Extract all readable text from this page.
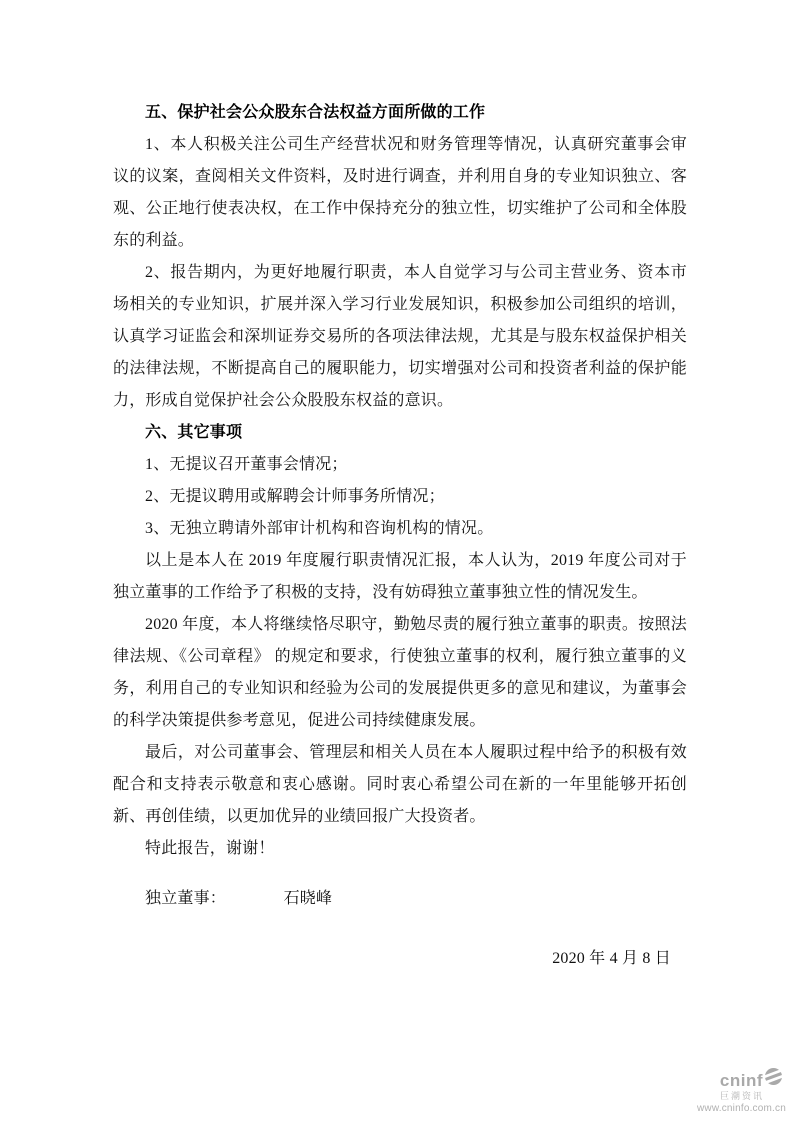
五、保护社会公众股东合法权益方面所做的工作

1、本人积极关注公司生产经营状况和财务管理等情况，认真研究董事会审议的议案，查阅相关文件资料，及时进行调查，并利用自身的专业知识独立、客观、公正地行使表决权，在工作中保持充分的独立性，切实维护了公司和全体股东的利益。

2、报告期内，为更好地履行职责，本人自觉学习与公司主营业务、资本市场相关的专业知识，扩展并深入学习行业发展知识，积极参加公司组织的培训，认真学习证监会和深圳证券交易所的各项法律法规，尤其是与股东权益保护相关的法律法规，不断提高自己的履职能力，切实增强对公司和投资者利益的保护能力，形成自觉保护社会公众股股东权益的意识。

六、其它事项

1、无提议召开董事会情况；

2、无提议聘用或解聘会计师事务所情况；

3、无独立聘请外部审计机构和咨询机构的情况。

以上是本人在 2019 年度履行职责情况汇报，本人认为，2019 年度公司对于独立董事的工作给予了积极的支持，没有妨碍独立董事独立性的情况发生。

2020 年度，本人将继续恪尽职守，勤勉尽责的履行独立董事的职责。按照法律法规、《公司章程》 的规定和要求，行使独立董事的权利，履行独立董事的义务，利用自己的专业知识和经验为公司的发展提供更多的意见和建议，为董事会的科学决策提供参考意见，促进公司持续健康发展。

最后，对公司董事会、管理层和相关人员在本人履职过程中给予的积极有效配合和支持表示敬意和衷心感谢。同时衷心希望公司在新的一年里能够开拓创新、再创佳绩，以更加优异的业绩回报广大投资者。

特此报告，谢谢！

独立董事：	石晓峰
2020 年 4 月 8 日
cninf
巨潮资讯
www.cninfo.com.cn
